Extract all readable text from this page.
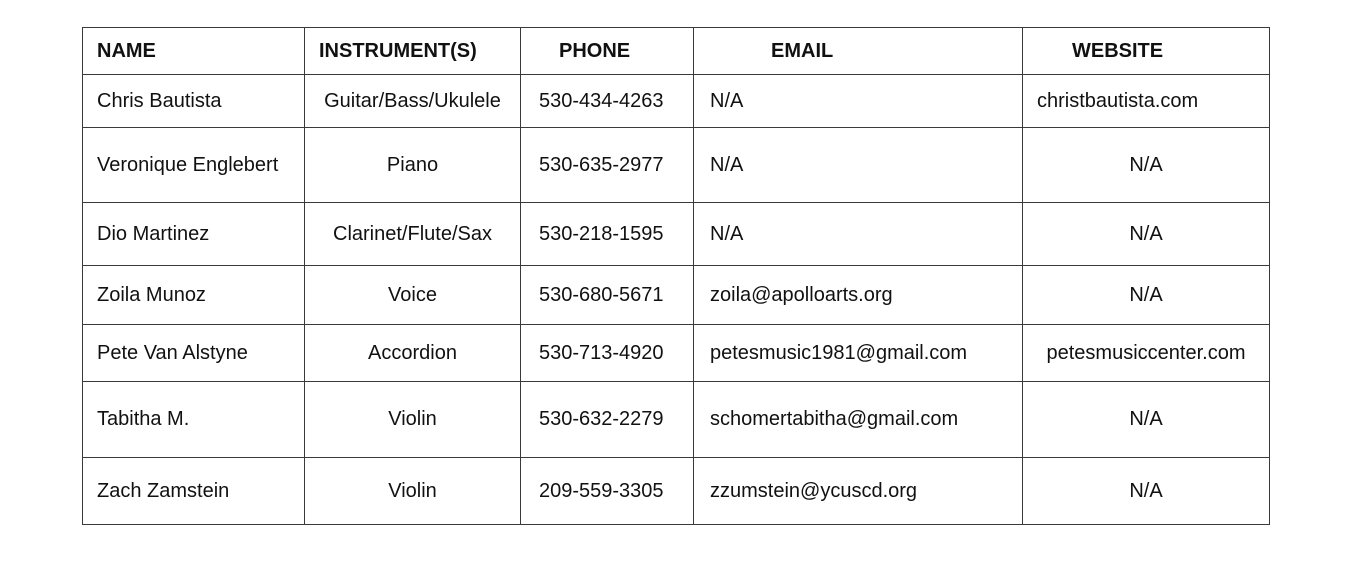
NAME	INSTRUMENT(S)	PHONE	EMAIL	WEBSITE
Chris Bautista	Guitar/Bass/Ukulele	530-434-4263	N/A	christbautista.com
Veronique Englebert	Piano	530-635-2977	N/A	N/A
Dio Martinez	Clarinet/Flute/Sax	530-218-1595	N/A	N/A
Zoila Munoz	Voice	530-680-5671	zoila@apolloarts.org	N/A
Pete Van Alstyne	Accordion	530-713-4920	petesmusic1981@gmail.com	petesmusiccenter.com
Tabitha M.	Violin	530-632-2279	schomertabitha@gmail.com	N/A
Zach Zamstein	Violin	209-559-3305	zzumstein@ycuscd.org	N/A
